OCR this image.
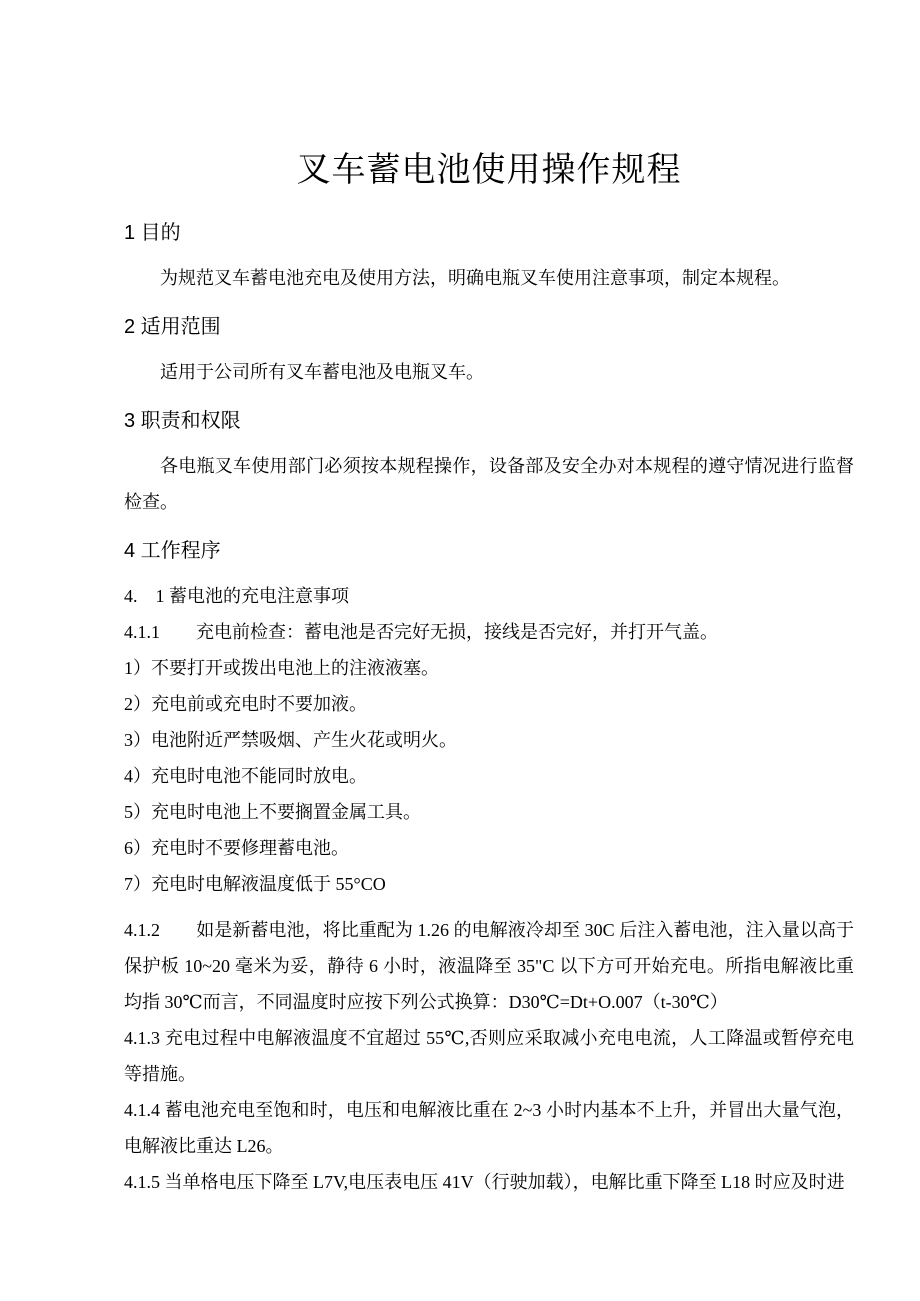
叉车蓄电池使用操作规程
1 目的
为规范叉车蓄电池充电及使用方法，明确电瓶叉车使用注意事项，制定本规程。
2 适用范围
适用于公司所有叉车蓄电池及电瓶叉车。
3 职责和权限
各电瓶叉车使用部门必须按本规程操作，设备部及安全办对本规程的遵守情况进行监督检查。
4 工作程序
4.　1 蓄电池的充电注意事项
4.1.1　　充电前检查：蓄电池是否完好无损，接线是否完好，并打开气盖。
1）不要打开或拨出电池上的注液液塞。
2）充电前或充电时不要加液。
3）电池附近严禁吸烟、产生火花或明火。
4）充电时电池不能同时放电。
5）充电时电池上不要搁置金属工具。
6）充电时不要修理蓄电池。
7）充电时电解液温度低于 55°CO
4.1.2　　如是新蓄电池，将比重配为 1.26 的电解液冷却至 30C 后注入蓄电池，注入量以高于保护板 10~20 毫米为妥，静待 6 小时，液温降至 35"C 以下方可开始充电。所指电解液比重均指 30℃而言，不同温度时应按下列公式换算：D30℃=Dt+O.007（t-30℃）
4.1.3 充电过程中电解液温度不宜超过 55℃,否则应采取减小充电电流，人工降温或暂停充电等措施。
4.1.4 蓄电池充电至饱和时，电压和电解液比重在 2~3 小时内基本不上升，并冒出大量气泡，电解液比重达 L26。
4.1.5 当单格电压下降至 L7V,电压表电压 41V（行驶加载），电解比重下降至 L18 时应及时进
